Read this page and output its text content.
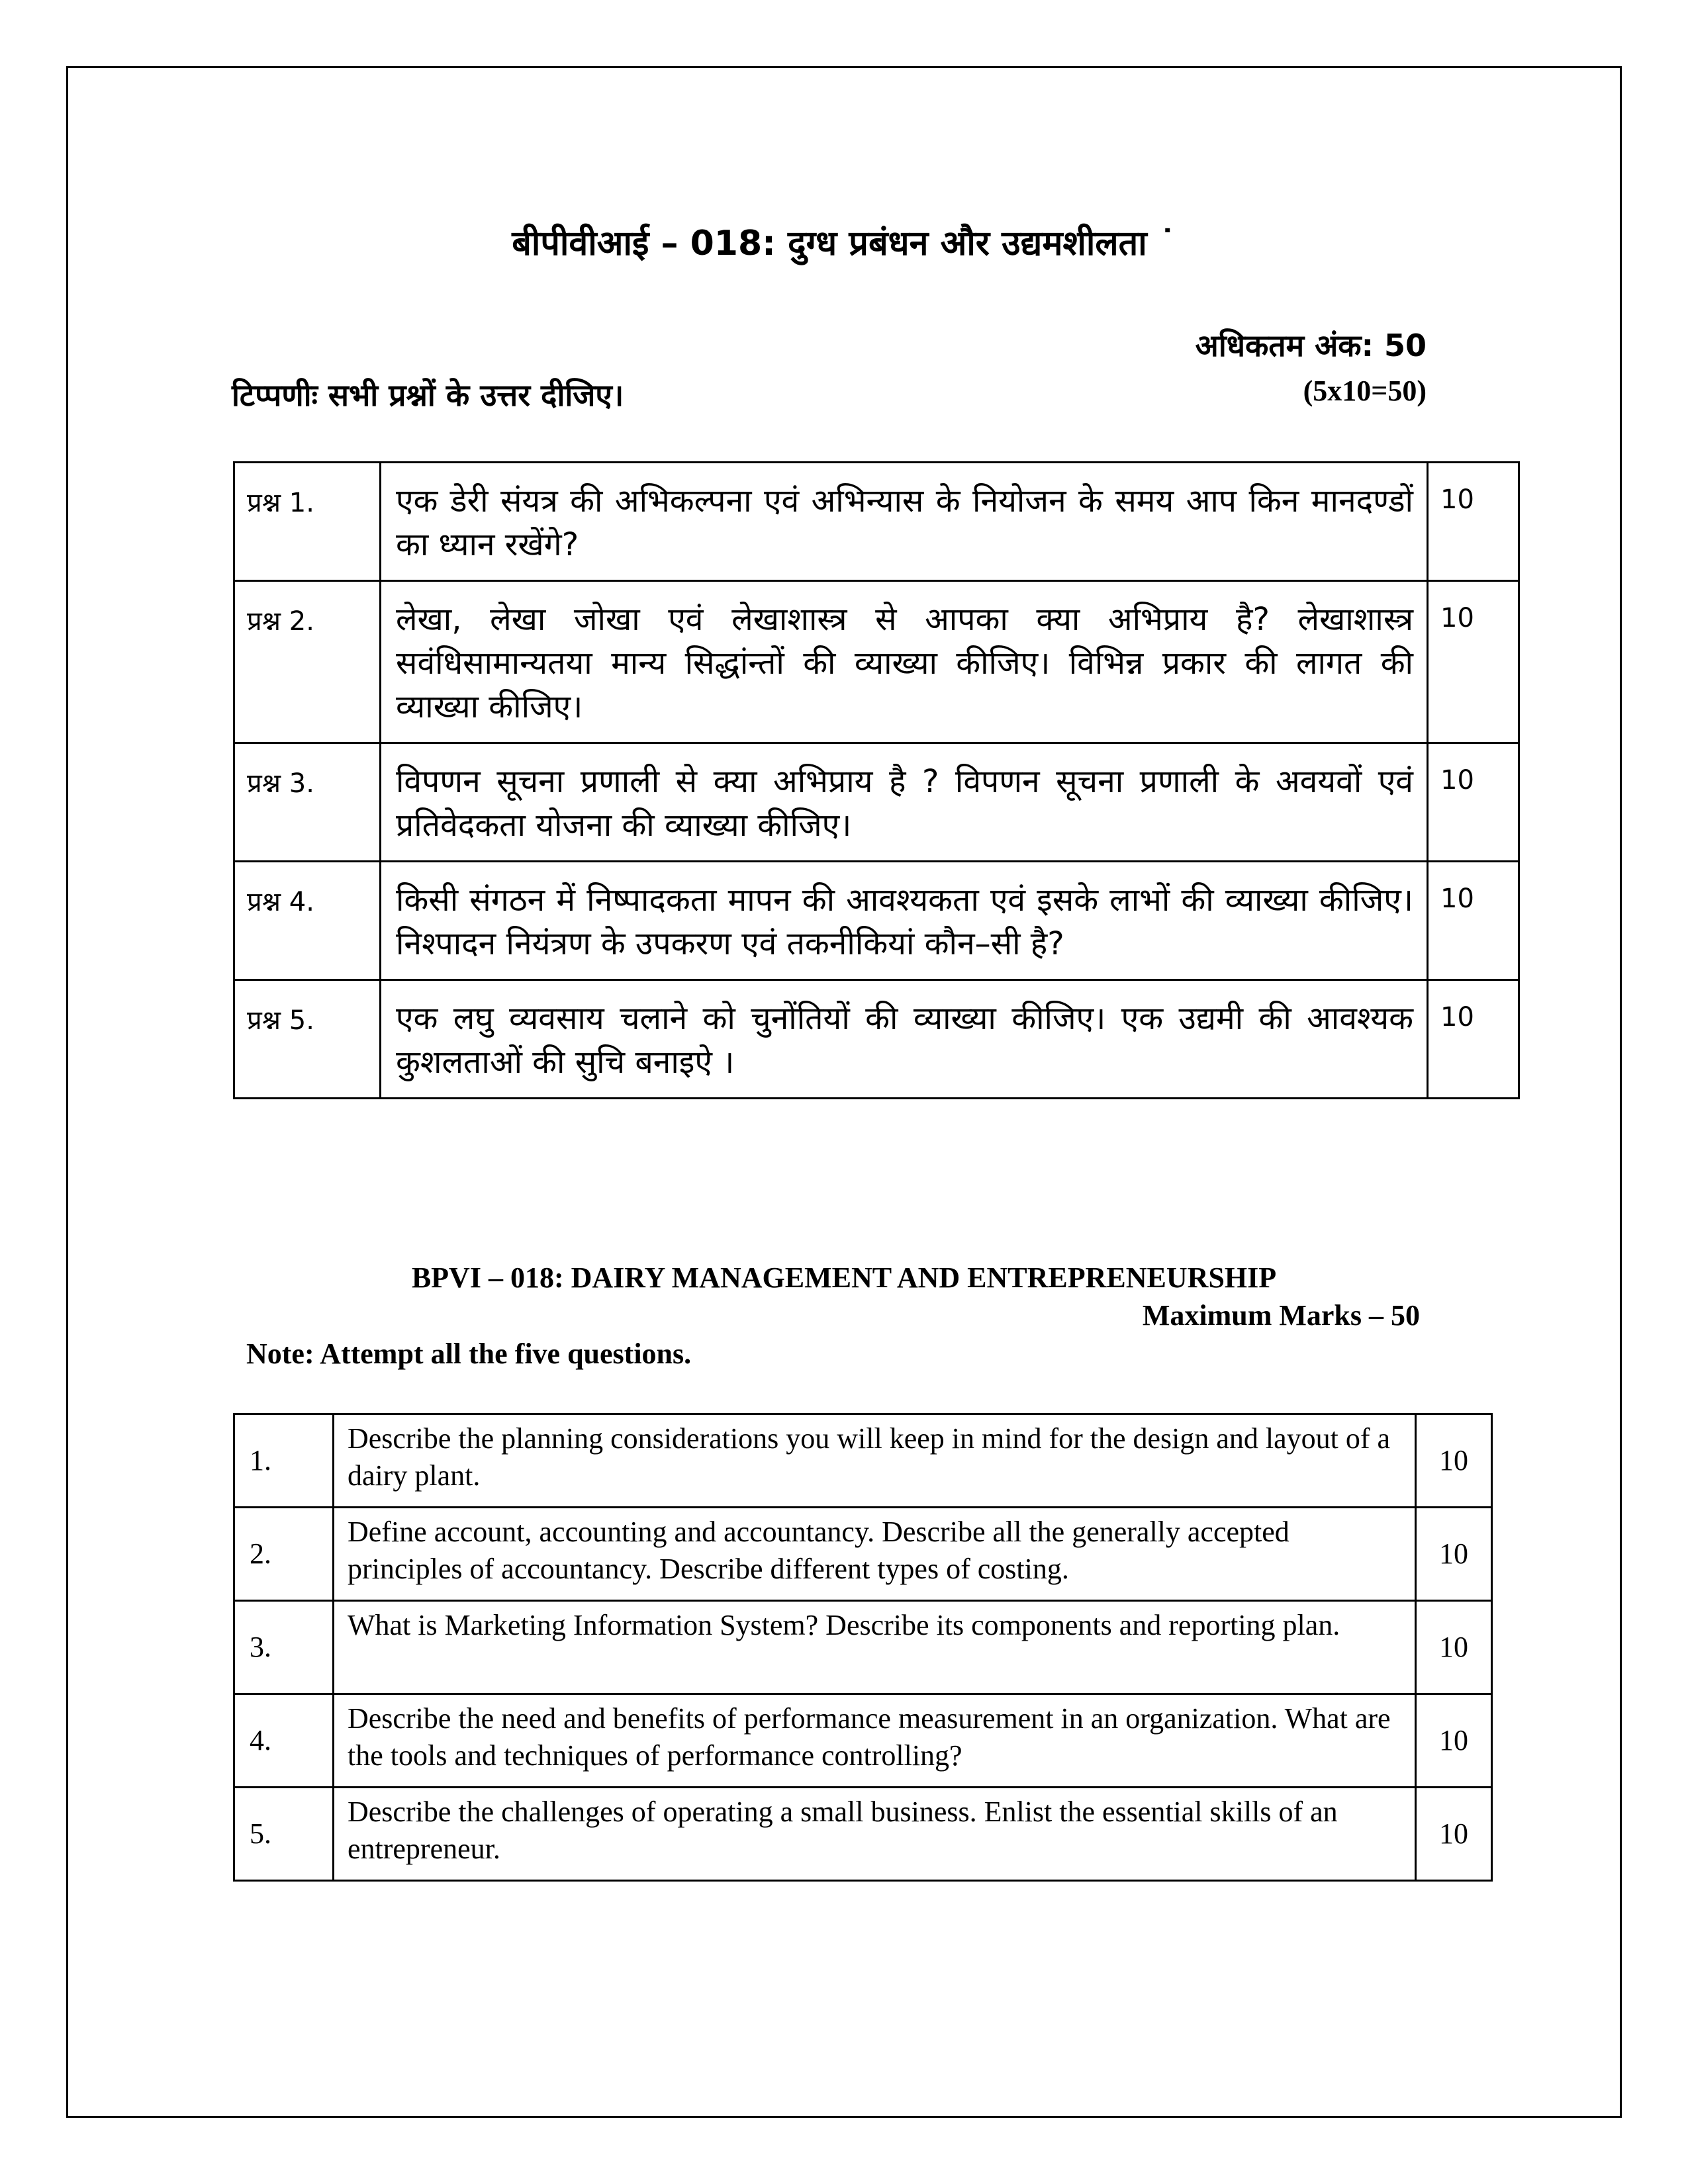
बीपीवीआई – 018: दुग्ध प्रबंधन और उद्यमशीलता ˙
अधिकतम अंक: 50
टिप्पणीः सभी प्रश्नों के उत्तर दीजिए।	(5x10=50)
प्रश्न 1.	एक डेरी संयत्र की अभिकल्पना एवं अभिन्यास के नियोजन के समय आप किन मानदण्डों का ध्यान रखेंगे?	10
प्रश्न 2.	लेखा, लेखा जोखा एवं लेखाशास्त्र से आपका क्या अभिप्राय है? लेखाशास्त्र सवंधिसामान्यतया मान्य सिद्धांन्तों की व्याख्या कीजिए। विभिन्न प्रकार की लागत की व्याख्या कीजिए।	10
प्रश्न 3.	विपणन सूचना प्रणाली से क्या अभिप्राय है ? विपणन सूचना प्रणाली के अवयवों एवं प्रतिवेदकता योजना की व्याख्या कीजिए।	10
प्रश्न 4.	किसी संगठन में निष्पादकता मापन की आवश्यकता एवं इसके लाभों की व्याख्या कीजिए। निश्पादन नियंत्रण के उपकरण एवं तकनीकियां कौन–सी है?	10
प्रश्न 5.	एक लघु व्यवसाय चलाने को चुनोंतियों की व्याख्या कीजिए। एक उद्यमी की आवश्यक कुशलताओं की सुचि बनाइऐ ।	10
BPVI – 018: DAIRY MANAGEMENT AND ENTREPRENEURSHIP
Maximum Marks – 50
Note: Attempt all the five questions.
1.	Describe the planning considerations you will keep in mind for the design and layout of a dairy plant.	10
2.	Define account, accounting and accountancy. Describe all the generally accepted principles of accountancy. Describe different types of costing.	10
3.	What is Marketing Information System? Describe its components and reporting plan.	10
4.	Describe the need and benefits of performance measurement in an organization. What are the tools and techniques of performance controlling?	10
5.	Describe the challenges of operating a small business. Enlist the essential skills of an entrepreneur.	10
